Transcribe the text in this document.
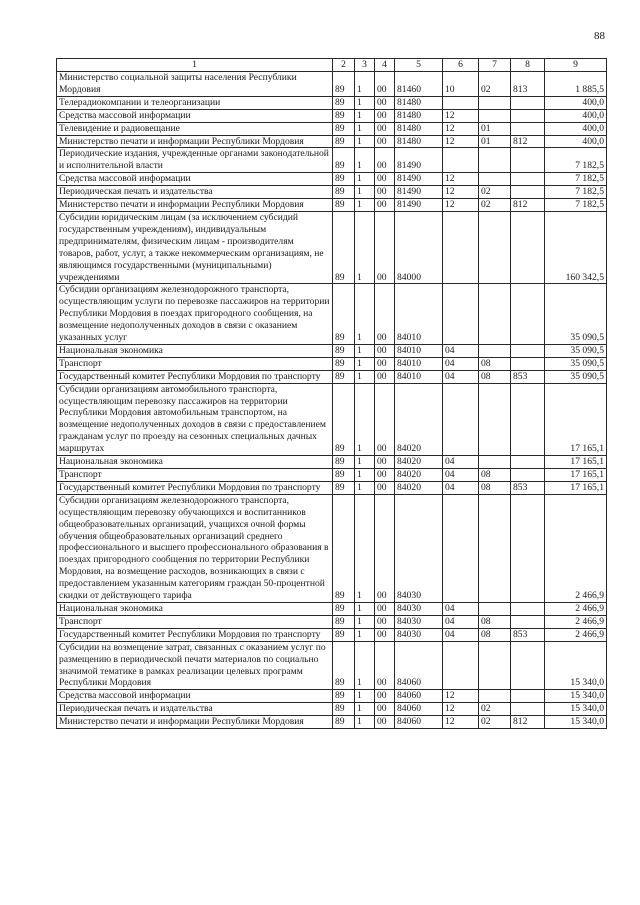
88
1	2	3	4	5	6	7	8	9
Министерство социальной защиты населения Республики Мордовия	89	1	00	81460	10	02	813	1 885,5
Телерадиокомпании и телеорганизации	89	1	00	81480				400,0
Средства массовой информации	89	1	00	81480	12			400,0
Телевидение и радиовещание	89	1	00	81480	12	01		400,0
Министерство печати и информации Республики Мордовия	89	1	00	81480	12	01	812	400,0
Периодические издания, учрежденные органами законодательной и исполнительной власти	89	1	00	81490				7 182,5
Средства массовой информации	89	1	00	81490	12			7 182,5
Периодическая печать и издательства	89	1	00	81490	12	02		7 182,5
Министерство печати и информации Республики Мордовия	89	1	00	81490	12	02	812	7 182,5
Субсидии юридическим лицам (за исключением субсидий государственным учреждениям), индивидуальным предпринимателям, физическим лицам - производителям товаров, работ, услуг, а также некоммерческим организациям, не являющимся государственными (муниципальными) учреждениями	89	1	00	84000				160 342,5
Субсидии организациям железнодорожного транспорта, осуществляющим услуги по перевозке пассажиров на территории Республики Мордовия в поездах пригородного сообщения, на возмещение недополученных доходов в связи с оказанием указанных услуг	89	1	00	84010				35 090,5
Национальная экономика	89	1	00	84010	04			35 090,5
Транспорт	89	1	00	84010	04	08		35 090,5
Государственный комитет Республики Мордовия по транспорту	89	1	00	84010	04	08	853	35 090,5
Субсидии организациям автомобильного транспорта, осуществляющим перевозку пассажиров на территории Республики Мордовия автомобильным транспортом, на возмещение недополученных доходов в связи с предоставлением гражданам услуг по проезду на сезонных специальных дачных маршрутах	89	1	00	84020				17 165,1
Национальная экономика	89	1	00	84020	04			17 165,1
Транспорт	89	1	00	84020	04	08		17 165,1
Государственный комитет Республики Мордовия по транспорту	89	1	00	84020	04	08	853	17 165,1
Субсидии организациям железнодорожного транспорта, осуществляющим перевозку обучающихся и воспитанников общеобразовательных организаций, учащихся очной формы обучения общеобразовательных организаций среднего профессионального и высшего профессионального образования в поездах пригородного сообщения по территории Республики Мордовия, на возмещение расходов, возникающих в связи с предоставлением указанным категориям граждан 50-процентной скидки от действующего тарифа	89	1	00	84030				2 466,9
Национальная экономика	89	1	00	84030	04			2 466,9
Транспорт	89	1	00	84030	04	08		2 466,9
Государственный комитет Республики Мордовия по транспорту	89	1	00	84030	04	08	853	2 466,9
Субсидии на возмещение затрат, связанных с оказанием услуг по размещению в периодической печати материалов по социально значимой тематике в рамках реализации целевых программ Республики Мордовия	89	1	00	84060				15 340,0
Средства массовой информации	89	1	00	84060	12			15 340,0
Периодическая печать и издательства	89	1	00	84060	12	02		15 340,0
Министерство печати и информации Республики Мордовия	89	1	00	84060	12	02	812	15 340,0
